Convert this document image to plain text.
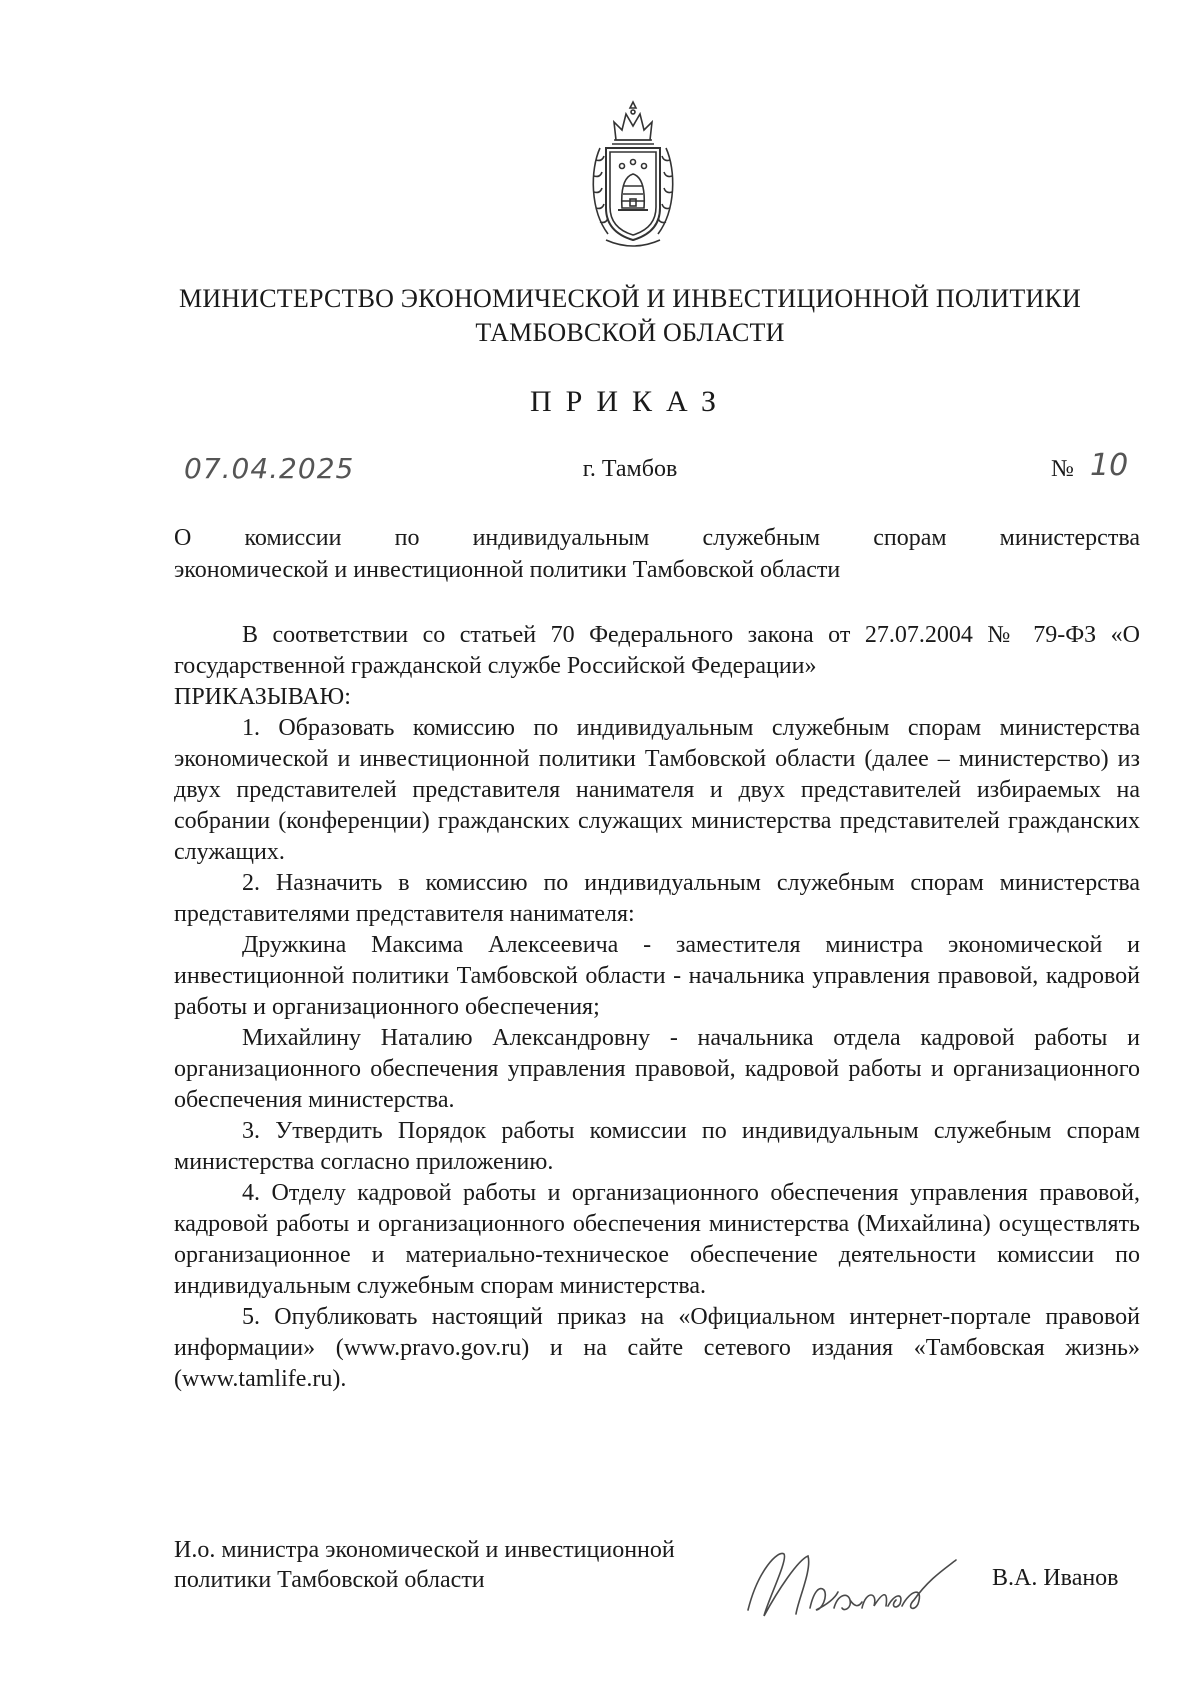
МИНИСТЕРСТВО ЭКОНОМИЧЕСКОЙ И ИНВЕСТИЦИОННОЙ ПОЛИТИКИ
ТАМБОВСКОЙ ОБЛАСТИ
ПРИКАЗ
07.04.2025	г. Тамбов	№ 10
О комиссии по индивидуальным служебным спорам министерства
экономической и инвестиционной политики Тамбовской области

В соответствии со статьей 70 Федерального закона от 27.07.2004 № 79-ФЗ «О государственной гражданской службе Российской Федерации»

ПРИКАЗЫВАЮ:

1. Образовать комиссию по индивидуальным служебным спорам министерства экономической и инвестиционной политики Тамбовской области (далее – министерство) из двух представителей представителя нанимателя и двух представителей избираемых на собрании (конференции) гражданских служащих министерства представителей гражданских служащих.

2. Назначить в комиссию по индивидуальным служебным спорам министерства представителями представителя нанимателя:

Дружкина Максима Алексеевича - заместителя министра экономической и инвестиционной политики Тамбовской области - начальника управления правовой, кадровой работы и организационного обеспечения;

Михайлину Наталию Александровну - начальника отдела кадровой работы и организационного обеспечения управления правовой, кадровой работы и организационного обеспечения министерства.

3. Утвердить Порядок работы комиссии по индивидуальным служебным спорам министерства согласно приложению.

4. Отделу кадровой работы и организационного обеспечения управления правовой, кадровой работы и организационного обеспечения министерства (Михайлина) осуществлять организационное и материально-техническое обеспечение деятельности комиссии по индивидуальным служебным спорам министерства.

5. Опубликовать настоящий приказ на «Официальном интернет-портале правовой информации» (www.pravo.gov.ru) и на сайте сетевого издания «Тамбовская жизнь» (www.tamlife.ru).

И.о. министра экономической и инвестиционной
политики Тамбовской области	В.А. Иванов
